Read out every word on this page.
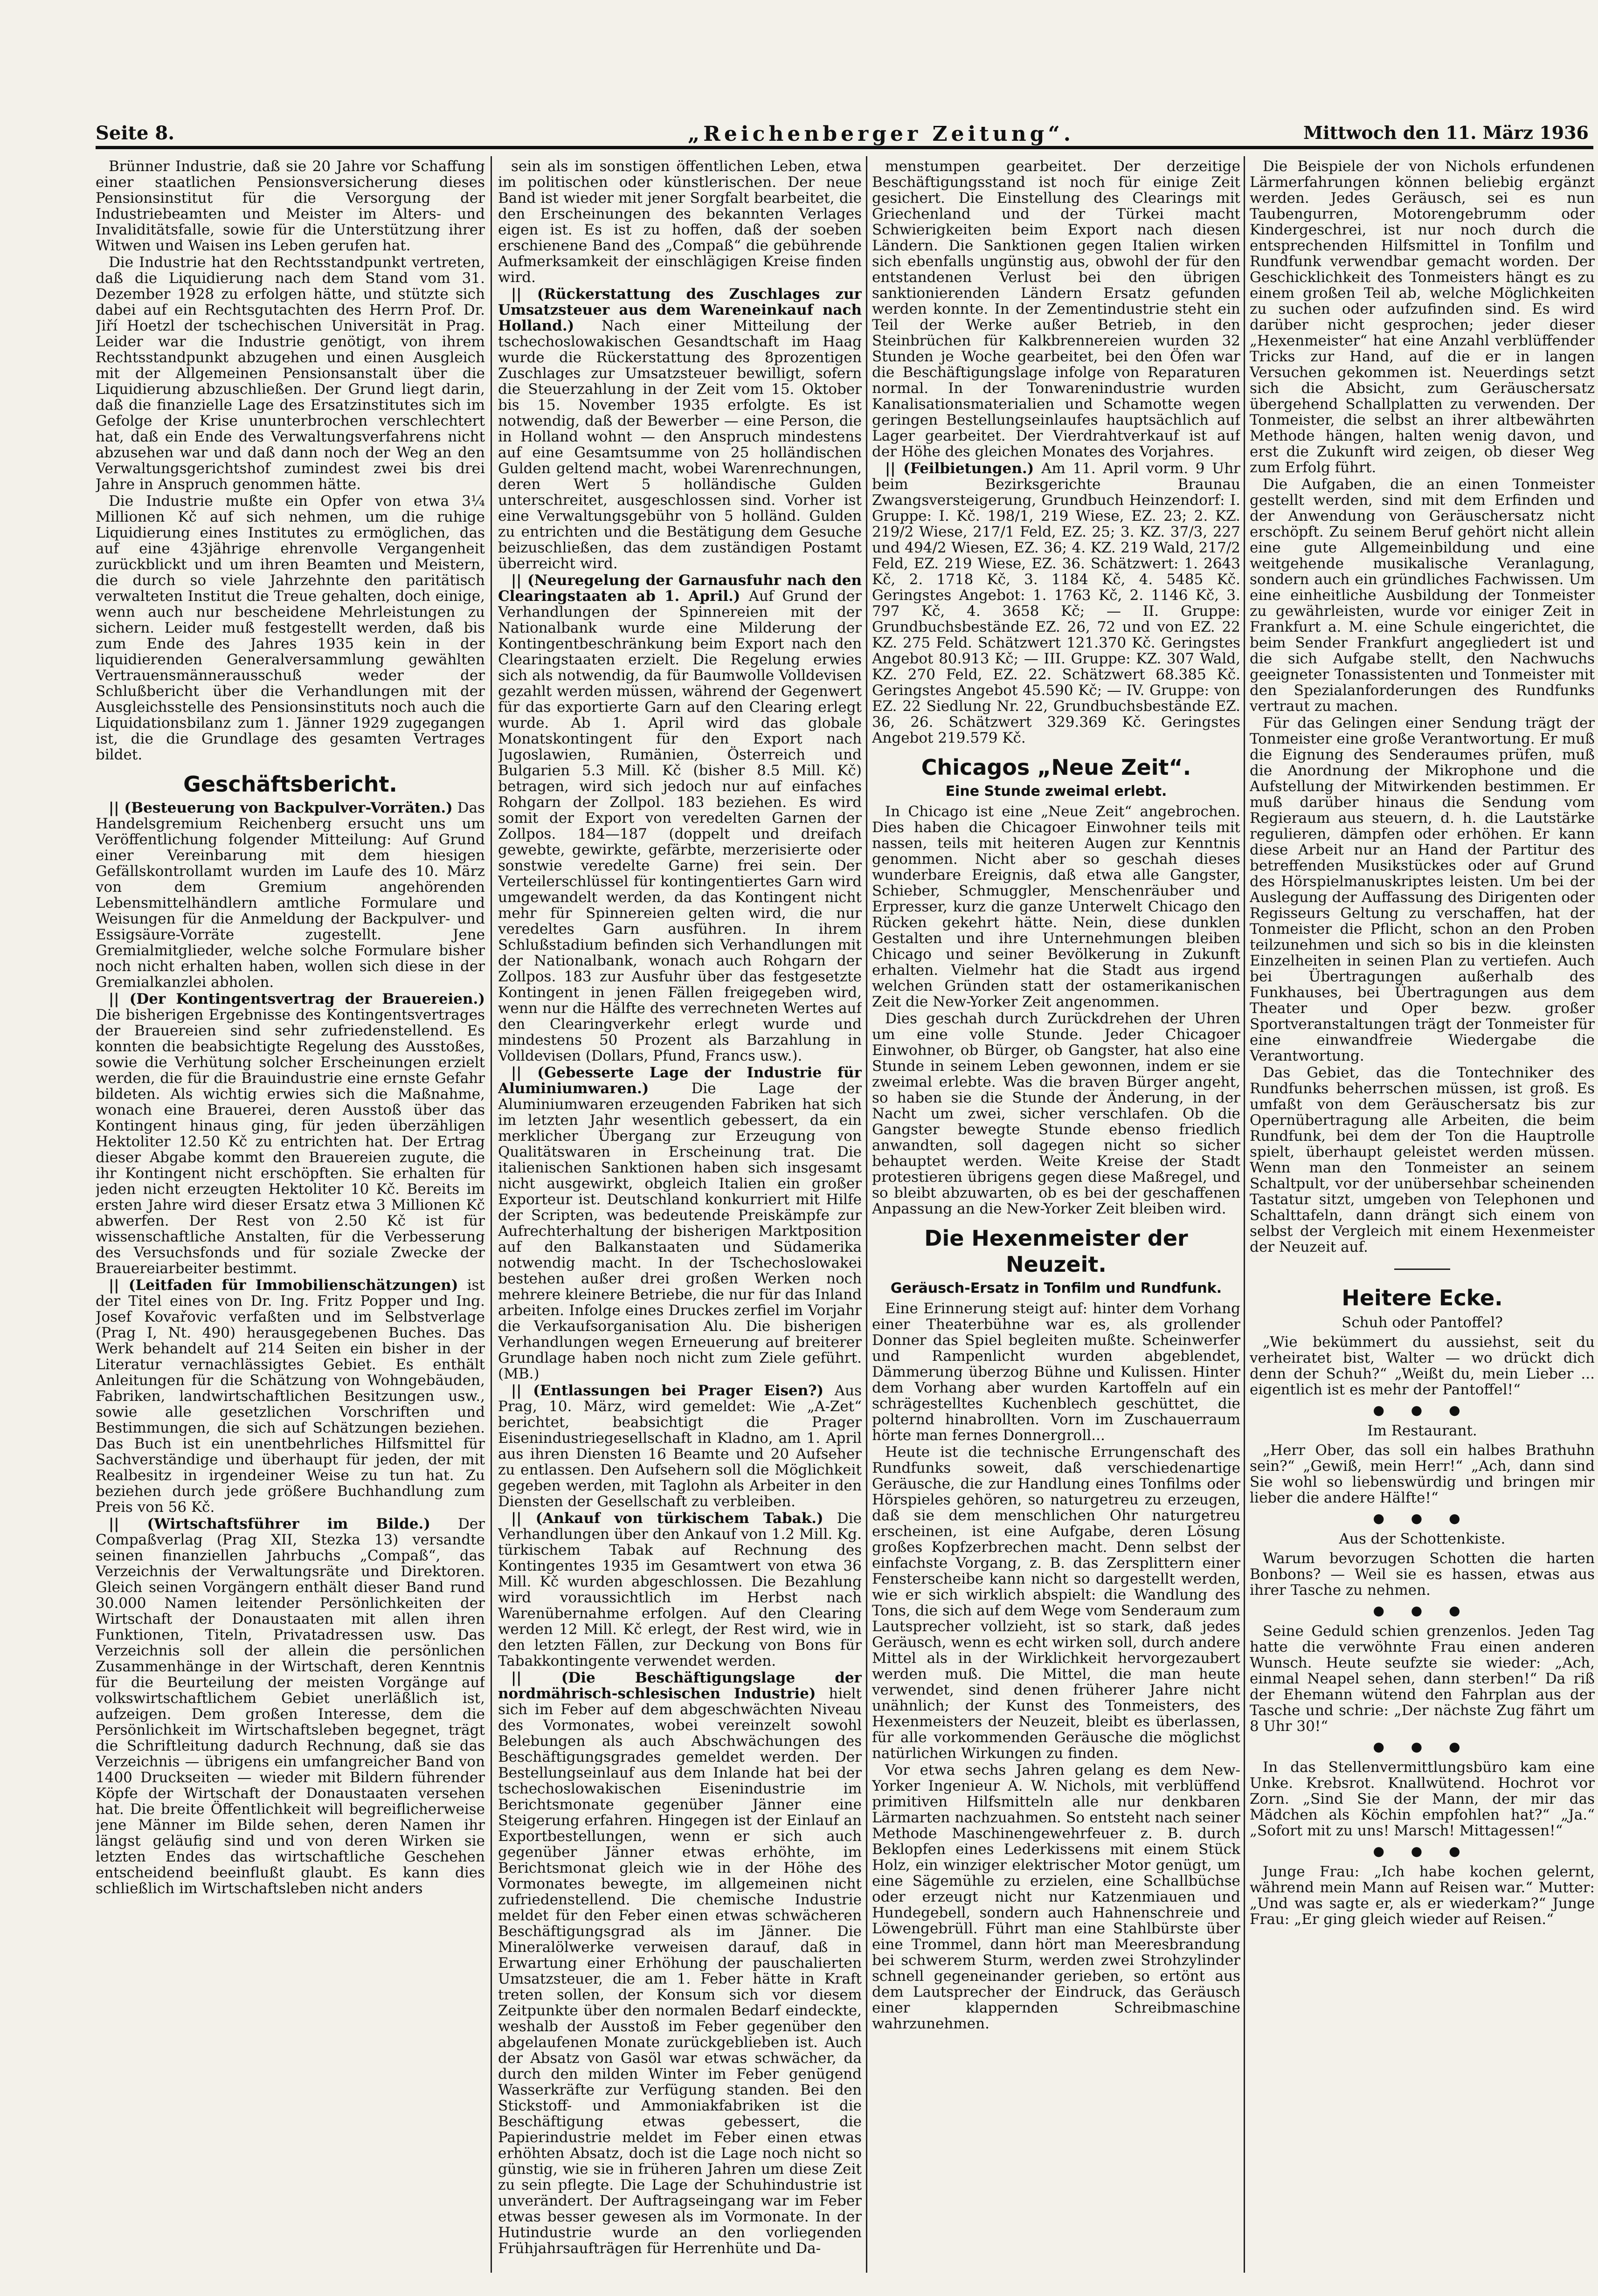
Seite 8.	„Reichenberger Zeitung“.	Mittwoch den 11. März 1936

Brünner Industrie, daß sie 20 Jahre vor Schaffung einer staatlichen Pensionsversicherung dieses Pensionsinstitut für die Versorgung der Industriebeamten und Meister im Alters- und Invaliditätsfalle, sowie für die Unterstützung ihrer Witwen und Waisen ins Leben gerufen hat.

Die Industrie hat den Rechtsstandpunkt vertreten, daß die Liquidierung nach dem Stand vom 31. Dezember 1928 zu erfolgen hätte, und stützte sich dabei auf ein Rechtsgutachten des Herrn Prof. Dr. Jiří Hoetzl der tschechischen Universität in Prag. Leider war die Industrie genötigt, von ihrem Rechtsstandpunkt abzugehen und einen Ausgleich mit der Allgemeinen Pensionsanstalt über die Liquidierung abzuschließen. Der Grund liegt darin, daß die finanzielle Lage des Ersatzinstitutes sich im Gefolge der Krise ununterbrochen verschlechtert hat, daß ein Ende des Verwaltungsverfahrens nicht abzusehen war und daß dann noch der Weg an den Verwaltungsgerichtshof zumindest zwei bis drei Jahre in Anspruch genommen hätte.

Die Industrie mußte ein Opfer von etwa 3¼ Millionen Kč auf sich nehmen, um die ruhige Liquidierung eines Institutes zu ermöglichen, das auf eine 43jährige ehrenvolle Vergangenheit zurückblickt und um ihren Beamten und Meistern, die durch so viele Jahrzehnte den paritätisch verwalteten Institut die Treue gehalten, doch einige, wenn auch nur bescheidene Mehrleistungen zu sichern. Leider muß festgestellt werden, daß bis zum Ende des Jahres 1935 kein in der liquidierenden Generalversammlung gewählten Vertrauensmännerausschuß weder der Schlußbericht über die Verhandlungen mit der Ausgleichsstelle des Pensionsinstituts noch auch die Liquidationsbilanz zum 1. Jänner 1929 zugegangen ist, die die Grundlage des gesamten Vertrages bildet.

Geschäftsbericht.

|| (Besteuerung von Backpulver-Vorräten.) Das Handelsgremium Reichenberg ersucht uns um Veröffentlichung folgender Mitteilung: Auf Grund einer Vereinbarung mit dem hiesigen Gefällskontrollamt wurden im Laufe des 10. März von dem Gremium angehörenden Lebensmittelhändlern amtliche Formulare und Weisungen für die Anmeldung der Backpulver- und Essigsäure-Vorräte zugestellt. Jene Gremialmitglieder, welche solche Formulare bisher noch nicht erhalten haben, wollen sich diese in der Gremialkanzlei abholen.

|| (Der Kontingentsvertrag der Brauereien.) Die bisherigen Ergebnisse des Kontingentsvertrages der Brauereien sind sehr zufriedenstellend. Es konnten die beabsichtigte Regelung des Ausstoßes, sowie die Verhütung solcher Erscheinungen erzielt werden, die für die Brauindustrie eine ernste Gefahr bildeten. Als wichtig erwies sich die Maßnahme, wonach eine Brauerei, deren Ausstoß über das Kontingent hinaus ging, für jeden überzähligen Hektoliter 12.50 Kč zu entrichten hat. Der Ertrag dieser Abgabe kommt den Brauereien zugute, die ihr Kontingent nicht erschöpften. Sie erhalten für jeden nicht erzeugten Hektoliter 10 Kč. Bereits im ersten Jahre wird dieser Ersatz etwa 3 Millionen Kč abwerfen. Der Rest von 2.50 Kč ist für wissenschaftliche Anstalten, für die Verbesserung des Versuchsfonds und für soziale Zwecke der Brauereiarbeiter bestimmt.

|| (Leitfaden für Immobilienschätzungen) ist der Titel eines von Dr. Ing. Fritz Popper und Ing. Josef Kovařovic verfaßten und im Selbstverlage (Prag I, Nt. 490) herausgegebenen Buches. Das Werk behandelt auf 214 Seiten ein bisher in der Literatur vernachlässigtes Gebiet. Es enthält Anleitungen für die Schätzung von Wohngebäuden, Fabriken, landwirtschaftlichen Besitzungen usw., sowie alle gesetzlichen Vorschriften und Bestimmungen, die sich auf Schätzungen beziehen. Das Buch ist ein unentbehrliches Hilfsmittel für Sachverständige und überhaupt für jeden, der mit Realbesitz in irgendeiner Weise zu tun hat. Zu beziehen durch jede größere Buchhandlung zum Preis von 56 Kč.

|| (Wirtschaftsführer im Bilde.) Der Compaßverlag (Prag XII, Stezka 13) versandte seinen finanziellen Jahrbuchs „Compaß“, das Verzeichnis der Verwaltungsräte und Direktoren. Gleich seinen Vorgängern enthält dieser Band rund 30.000 Namen leitender Persönlichkeiten der Wirtschaft der Donaustaaten mit allen ihren Funktionen, Titeln, Privatadressen usw. Das Verzeichnis soll der allein die persönlichen Zusammenhänge in der Wirtschaft, deren Kenntnis für die Beurteilung der meisten Vorgänge auf volkswirtschaftlichem Gebiet unerläßlich ist, aufzeigen. Dem großen Interesse, dem die Persönlichkeit im Wirtschaftsleben begegnet, trägt die Schriftleitung dadurch Rechnung, daß sie das Verzeichnis — übrigens ein umfangreicher Band von 1400 Druckseiten — wieder mit Bildern führender Köpfe der Wirtschaft der Donaustaaten versehen hat. Die breite Öffentlichkeit will begreiflicherweise jene Männer im Bilde sehen, deren Namen ihr längst geläufig sind und von deren Wirken sie letzten Endes das wirtschaftliche Geschehen entscheidend beeinflußt glaubt. Es kann dies schließlich im Wirtschaftsleben nicht anders

sein als im sonstigen öffentlichen Leben, etwa im politischen oder künstlerischen. Der neue Band ist wieder mit jener Sorgfalt bearbeitet, die den Erscheinungen des bekannten Verlages eigen ist. Es ist zu hoffen, daß der soeben erschienene Band des „Compaß“ die gebührende Aufmerksamkeit der einschlägigen Kreise finden wird.

|| (Rückerstattung des Zuschlages zur Umsatzsteuer aus dem Wareneinkauf nach Holland.) Nach einer Mitteilung der tschechoslowakischen Gesandtschaft im Haag wurde die Rückerstattung des 8prozentigen Zuschlages zur Umsatzsteuer bewilligt, sofern die Steuerzahlung in der Zeit vom 15. Oktober bis 15. November 1935 erfolgte. Es ist notwendig, daß der Bewerber — eine Person, die in Holland wohnt — den Anspruch mindestens auf eine Gesamtsumme von 25 holländischen Gulden geltend macht, wobei Warenrechnungen, deren Wert 5 holländische Gulden unterschreitet, ausgeschlossen sind. Vorher ist eine Verwaltungsgebühr von 5 holländ. Gulden zu entrichten und die Bestätigung dem Gesuche beizuschließen, das dem zuständigen Postamt überreicht wird.

|| (Neuregelung der Garnausfuhr nach den Clearingstaaten ab 1. April.) Auf Grund der Verhandlungen der Spinnereien mit der Nationalbank wurde eine Milderung der Kontingentbeschränkung beim Export nach den Clearingstaaten erzielt. Die Regelung erwies sich als notwendig, da für Baumwolle Volldevisen gezahlt werden müssen, während der Gegenwert für das exportierte Garn auf den Clearing erlegt wurde. Ab 1. April wird das globale Monatskontingent für den Export nach Jugoslawien, Rumänien, Österreich und Bulgarien 5.3 Mill. Kč (bisher 8.5 Mill. Kč) betragen, wird sich jedoch nur auf einfaches Rohgarn der Zollpol. 183 beziehen. Es wird somit der Export von veredelten Garnen der Zollpos. 184—187 (doppelt und dreifach gewebte, gewirkte, gefärbte, merzerisierte oder sonstwie veredelte Garne) frei sein. Der Verteilerschlüssel für kontingentiertes Garn wird umgewandelt werden, da das Kontingent nicht mehr für Spinnereien gelten wird, die nur veredeltes Garn ausführen. In ihrem Schlußstadium befinden sich Verhandlungen mit der Nationalbank, wonach auch Rohgarn der Zollpos. 183 zur Ausfuhr über das festgesetzte Kontingent in jenen Fällen freigegeben wird, wenn nur die Hälfte des verrechneten Wertes auf den Clearingverkehr erlegt wurde und mindestens 50 Prozent als Barzahlung in Volldevisen (Dollars, Pfund, Francs usw.).

|| (Gebesserte Lage der Industrie für Aluminiumwaren.)	Die Lage der Aluminiumwaren erzeugenden Fabriken hat sich im letzten Jahr wesentlich gebessert, da ein merklicher Übergang zur Erzeugung von Qualitätswaren in Erscheinung trat. Die italienischen Sanktionen haben sich insgesamt nicht ausgewirkt, obgleich Italien ein großer Exporteur ist. Deutschland konkurriert mit Hilfe der Scripten, was bedeutende Preiskämpfe zur Aufrechterhaltung der bisherigen Marktposition auf den Balkanstaaten und Südamerika notwendig macht. In der Tschechoslowakei bestehen außer drei großen Werken noch mehrere kleinere Betriebe, die nur für das Inland arbeiten. Infolge eines Druckes zerfiel im Vorjahr die Verkaufsorganisation Alu. Die bisherigen Verhandlungen wegen Erneuerung auf breiterer Grundlage haben noch nicht zum Ziele geführt. (MB.)

|| (Entlassungen bei Prager Eisen?) Aus Prag, 10. März, wird gemeldet: Wie „A-Zet“ berichtet, beabsichtigt die Prager Eisenindustriegesellschaft in Kladno, am 1. April aus ihren Diensten 16 Beamte und 20 Aufseher zu entlassen. Den Aufsehern soll die Möglichkeit gegeben werden, mit Taglohn als Arbeiter in den Diensten der Gesellschaft zu verbleiben.

|| (Ankauf von türkischem Tabak.) Die Verhandlungen über den Ankauf von 1.2 Mill. Kg. türkischem Tabak auf Rechnung des Kontingentes 1935 im Gesamtwert von etwa 36 Mill. Kč wurden abgeschlossen. Die Bezahlung wird voraussichtlich im Herbst nach Warenübernahme erfolgen. Auf den Clearing werden 12 Mill. Kč erlegt, der Rest wird, wie in den letzten Fällen, zur Deckung von Bons für Tabakkontingente verwendet werden.

|| (Die Beschäftigungslage der nordmährisch-schlesischen Industrie) hielt sich im Feber auf dem abgeschwächten Niveau des Vormonates, wobei vereinzelt sowohl Belebungen als auch Abschwächungen des Beschäftigungsgrades gemeldet werden. Der Bestellungseinlauf aus dem Inlande hat bei der tschechoslowakischen Eisenindustrie im Berichtsmonate gegenüber Jänner eine Steigerung erfahren. Hingegen ist der Einlauf an Exportbestellungen, wenn er sich auch gegenüber Jänner etwas erhöhte, im Berichtsmonat gleich wie in der Höhe des Vormonates bewegte, im allgemeinen nicht zufriedenstellend. Die chemische Industrie meldet für den Feber einen etwas schwächeren Beschäftigungsgrad als im Jänner. Die Mineralölwerke verweisen darauf, daß in Erwartung einer Erhöhung der pauschalierten Umsatzsteuer, die am 1. Feber hätte in Kraft treten sollen, der Konsum sich vor diesem Zeitpunkte über den normalen Bedarf eindeckte, weshalb der Ausstoß im Feber gegenüber den abgelaufenen Monate zurückgeblieben ist. Auch der Absatz von Gasöl war etwas schwächer, da durch den milden Winter im Feber genügend Wasserkräfte zur Verfügung standen. Bei den Stickstoff- und Ammoniakfabriken ist die Beschäftigung etwas gebessert, die Papierindustrie meldet im Feber einen etwas erhöhten Absatz, doch ist die Lage noch nicht so günstig, wie sie in früheren Jahren um diese Zeit zu sein pflegte. Die Lage der Schuhindustrie ist unverändert. Der Auftragseingang war im Feber etwas besser gewesen als im Vormonate. In der Hutindustrie wurde an den vorliegenden Frühjahrsaufträgen für Herrenhüte und Da-

menstumpen gearbeitet. Der derzeitige Beschäftigungsstand ist noch für einige Zeit gesichert. Die Einstellung des Clearings mit Griechenland und der Türkei macht Schwierigkeiten beim Export nach diesen Ländern. Die Sanktionen gegen Italien wirken sich ebenfalls ungünstig aus, obwohl der für den entstandenen Verlust bei den übrigen sanktionierenden Ländern Ersatz gefunden werden konnte. In der Zementindustrie steht ein Teil der Werke außer Betrieb, in den Steinbrüchen für Kalkbrennereien wurden 32 Stunden je Woche gearbeitet, bei den Öfen war die Beschäftigungslage infolge von Reparaturen normal. In der Tonwarenindustrie wurden Kanalisationsmaterialien und Schamotte wegen geringen Bestellungseinlaufes hauptsächlich auf Lager gearbeitet. Der Vierdrahtverkauf ist auf der Höhe des gleichen Monates des Vorjahres.

|| (Feilbietungen.) Am 11. April vorm. 9 Uhr beim Bezirksgerichte Braunau Zwangsversteigerung, Grundbuch Heinzendorf: I. Gruppe: I. Kč. 198/1, 219 Wiese, EZ. 23; 2. KZ. 219/2 Wiese, 217/1 Feld, EZ. 25; 3. KZ. 37/3, 227 und 494/2 Wiesen, EZ. 36; 4. KZ. 219 Wald, 217/2 Feld, EZ. 219 Wiese, EZ. 36. Schätzwert: 1. 2643 Kč, 2. 1718 Kč, 3. 1184 Kč, 4. 5485 Kč. Geringstes Angebot: 1. 1763 Kč, 2. 1146 Kč, 3. 797 Kč, 4. 3658 Kč; — II. Gruppe: Grundbuchsbestände EZ. 26, 72 und von EZ. 22 KZ. 275 Feld. Schätzwert 121.370 Kč. Geringstes Angebot 80.913 Kč; — III. Gruppe: KZ. 307 Wald, KZ. 270 Feld, EZ. 22. Schätzwert 68.385 Kč. Geringstes Angebot 45.590 Kč; — IV. Gruppe: von EZ. 22 Siedlung Nr. 22, Grundbuchsbestände EZ. 36, 26. Schätzwert 329.369 Kč. Geringstes Angebot 219.579 Kč.

Chicagos „Neue Zeit“.
Eine Stunde zweimal erlebt.

In Chicago ist eine „Neue Zeit“ angebrochen. Dies haben die Chicagoer Einwohner teils mit nassen, teils mit heiteren Augen zur Kenntnis genommen. Nicht aber so geschah dieses wunderbare Ereignis, daß etwa alle Gangster, Schieber, Schmuggler, Menschenräuber und Erpresser, kurz die ganze Unterwelt Chicago den Rücken gekehrt hätte. Nein, diese dunklen Gestalten und ihre Unternehmungen bleiben Chicago und seiner Bevölkerung in Zukunft erhalten. Vielmehr hat die Stadt aus irgend welchen Gründen statt der ostamerikanischen Zeit die New-Yorker Zeit angenommen.

Dies geschah durch Zurückdrehen der Uhren um eine volle Stunde. Jeder Chicagoer Einwohner, ob Bürger, ob Gangster, hat also eine Stunde in seinem Leben gewonnen, indem er sie zweimal erlebte. Was die braven Bürger angeht, so haben sie die Stunde der Änderung, in der Nacht um zwei, sicher verschlafen. Ob die Gangster bewegte Stunde ebenso friedlich anwandten, soll dagegen nicht so sicher behauptet werden. Weite Kreise der Stadt protestieren übrigens gegen diese Maßregel, und so bleibt abzuwarten, ob es bei der geschaffenen Anpassung an die New-Yorker Zeit bleiben wird.

Die Hexenmeister der Neuzeit.
Geräusch-Ersatz in Tonfilm und Rundfunk.

Eine Erinnerung steigt auf: hinter dem Vorhang einer Theaterbühne war es, als grollender Donner das Spiel begleiten mußte. Scheinwerfer und Rampenlicht wurden abgeblendet, Dämmerung überzog Bühne und Kulissen. Hinter dem Vorhang aber wurden Kartoffeln auf ein schrägestelltes Kuchenblech geschüttet, die polternd hinabrollten. Vorn im Zuschauerraum hörte man fernes Donnergroll...

Heute ist die technische Errungenschaft des Rundfunks soweit, daß verschiedenartige Geräusche, die zur Handlung eines Tonfilms oder Hörspieles gehören, so naturgetreu zu erzeugen, daß sie dem menschlichen Ohr naturgetreu erscheinen, ist eine Aufgabe, deren Lösung großes Kopfzerbrechen macht. Denn selbst der einfachste Vorgang, z. B. das Zersplittern einer Fensterscheibe kann nicht so dargestellt werden, wie er sich wirklich abspielt: die Wandlung des Tons, die sich auf dem Wege vom Senderaum zum Lautsprecher vollzieht, ist so stark, daß jedes Geräusch, wenn es echt wirken soll, durch andere Mittel als in der Wirklichkeit hervorgezaubert werden muß. Die Mittel, die man heute verwendet, sind denen früherer Jahre nicht unähnlich; der Kunst des Tonmeisters, des Hexenmeisters der Neuzeit, bleibt es überlassen, für alle vorkommenden Geräusche die möglichst natürlichen Wirkungen zu finden.

Vor etwa sechs Jahren gelang es dem New-Yorker Ingenieur A. W. Nichols, mit verblüffend primitiven Hilfsmitteln alle nur denkbaren Lärmarten nachzuahmen. So entsteht nach seiner Methode Maschinengewehrfeuer z. B. durch Beklopfen eines Lederkissens mit einem Stück Holz, ein winziger elektrischer Motor genügt, um eine Sägemühle zu erzielen, eine Schallbüchse oder erzeugt nicht nur Katzenmiauen und Hundegebell, sondern auch Hahnenschreie und Löwengebrüll. Führt man eine Stahlbürste über eine Trommel, dann hört man Meeresbrandung bei schwerem Sturm, werden zwei Strohzylinder schnell gegeneinander gerieben, so ertönt aus dem Lautsprecher der Eindruck, das Geräusch einer klappernden Schreibmaschine wahrzunehmen.

Die Beispiele der von Nichols erfundenen Lärmerfahrungen können beliebig ergänzt werden. Jedes Geräusch, sei es nun Taubengurren, Motorengebrumm oder Kindergeschrei, ist nur noch durch die entsprechenden Hilfsmittel in Tonfilm und Rundfunk verwendbar gemacht worden. Der Geschicklichkeit des Tonmeisters hängt es zu einem großen Teil ab, welche Möglichkeiten zu suchen oder aufzufinden sind. Es wird darüber nicht gesprochen; jeder dieser „Hexenmeister“ hat eine Anzahl verblüffender Tricks zur Hand, auf die er in langen Versuchen gekommen ist. Neuerdings setzt sich die Absicht, zum Geräuschersatz übergehend Schallplatten zu verwenden. Der Tonmeister, die selbst an ihrer altbewährten Methode hängen, halten wenig davon, und erst die Zukunft wird zeigen, ob dieser Weg zum Erfolg führt.

Die Aufgaben, die an einen Tonmeister gestellt werden, sind mit dem Erfinden und der Anwendung von Geräuschersatz nicht erschöpft. Zu seinem Beruf gehört nicht allein eine gute Allgemeinbildung und eine weitgehende musikalische Veranlagung, sondern auch ein gründliches Fachwissen. Um eine einheitliche Ausbildung der Tonmeister zu gewährleisten, wurde vor einiger Zeit in Frankfurt a. M. eine Schule eingerichtet, die beim Sender Frankfurt angegliedert ist und die sich Aufgabe stellt, den Nachwuchs geeigneter Tonassistenten und Tonmeister mit den Spezialanforderungen des Rundfunks vertraut zu machen.

Für das Gelingen einer Sendung trägt der Tonmeister eine große Verantwortung. Er muß die Eignung des Senderaumes prüfen, muß die Anordnung der Mikrophone und die Aufstellung der Mitwirkenden bestimmen. Er muß darüber hinaus die Sendung vom Regieraum aus steuern, d. h. die Lautstärke regulieren, dämpfen oder erhöhen. Er kann diese Arbeit nur an Hand der Partitur des betreffenden Musikstückes oder auf Grund des Hörspielmanuskriptes leisten. Um bei der Auslegung der Auffassung des Dirigenten oder Regisseurs Geltung zu verschaffen, hat der Tonmeister die Pflicht, schon an den Proben teilzunehmen und sich so bis in die kleinsten Einzelheiten in seinen Plan zu vertiefen. Auch bei Übertragungen außerhalb des Funkhauses, bei Übertragungen aus dem Theater und Oper bezw. großer Sportveranstaltungen trägt der Tonmeister für eine einwandfreie Wiedergabe die Verantwortung.

Das Gebiet, das die Tontechniker des Rundfunks beherrschen müssen, ist groß. Es umfaßt von dem Geräuschersatz bis zur Opernübertragung alle Arbeiten, die beim Rundfunk, bei dem der Ton die Hauptrolle spielt, überhaupt geleistet werden müssen. Wenn man den Tonmeister an seinem Schaltpult, vor der unübersehbar scheinenden Tastatur sitzt, umgeben von Telephonen und Schalttafeln, dann drängt sich einem von selbst der Vergleich mit einem Hexenmeister der Neuzeit auf.

Heitere Ecke.
Schuh oder Pantoffel?

„Wie bekümmert du aussiehst, seit du verheiratet bist, Walter — wo drückt dich denn der Schuh?“ „Weißt du, mein Lieber ... eigentlich ist es mehr der Pantoffel!“

● ● ●
Im Restaurant.

„Herr Ober, das soll ein halbes Brathuhn sein?“ „Gewiß, mein Herr!“ „Ach, dann sind Sie wohl so liebenswürdig und bringen mir lieber die andere Hälfte!“

● ● ●
Aus der Schottenkiste.

Warum bevorzugen Schotten die harten Bonbons? — Weil sie es hassen, etwas aus ihrer Tasche zu nehmen.

● ● ●

Seine Geduld schien grenzenlos. Jeden Tag hatte die verwöhnte Frau einen anderen Wunsch. Heute seufzte sie wieder: „Ach, einmal Neapel sehen, dann sterben!“ Da riß der Ehemann wütend den Fahrplan aus der Tasche und schrie: „Der nächste Zug fährt um 8 Uhr 30!“

● ● ●

In das Stellenvermittlungsbüro kam eine Unke. Krebsrot. Knallwütend. Hochrot vor Zorn. „Sind Sie der Mann, der mir das Mädchen als Köchin empfohlen hat?“ „Ja.“ „Sofort mit zu uns! Marsch! Mittagessen!“

● ● ●

Junge Frau: „Ich habe kochen gelernt, während mein Mann auf Reisen war.“ Mutter: „Und was sagte er, als er wiederkam?“ Junge Frau: „Er ging gleich wieder auf Reisen.“
